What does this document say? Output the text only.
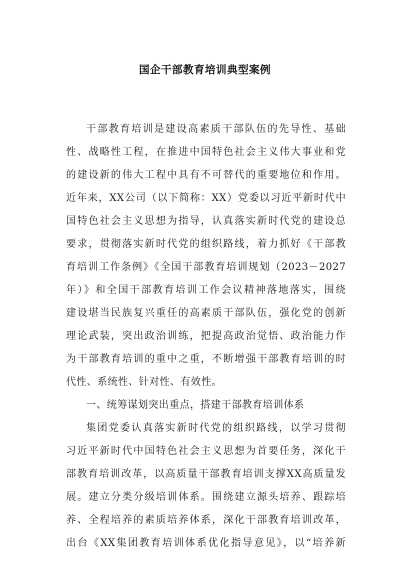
国企干部教育培训典型案例
干部教育培训是建设高素质干部队伍的先导性、基础
性、战略性工程，在推进中国特色社会主义伟大事业和党
的建设新的伟大工程中具有不可替代的重要地位和作用。
近年来，XX公司（以下简称：XX）党委以习近平新时代中
国特色社会主义思想为指导，认真落实新时代党的建设总
要求，贯彻落实新时代党的组织路线，着力抓好《干部教
育培训工作条例》《全国干部教育培训规划（2023－2027
年）》和全国干部教育培训工作会议精神落地落实，围绕
建设堪当民族复兴重任的高素质干部队伍，强化党的创新
理论武装，突出政治训练，把提高政治觉悟、政治能力作
为干部教育培训的重中之重，不断增强干部教育培训的时
代性、系统性、针对性、有效性。
一、统筹谋划突出重点，搭建干部教育培训体系
集团党委认真落实新时代党的组织路线，以学习贯彻
习近平新时代中国特色社会主义思想为首要任务，深化干
部教育培训改革，以高质量干部教育培训支撑XX高质量发
展。建立分类分级培训体系。围绕建立源头培养、跟踪培
养、全程培养的素质培养体系，深化干部教育培训改革，
出台《XX集团教育培训体系优化指导意见》，以“培养新
